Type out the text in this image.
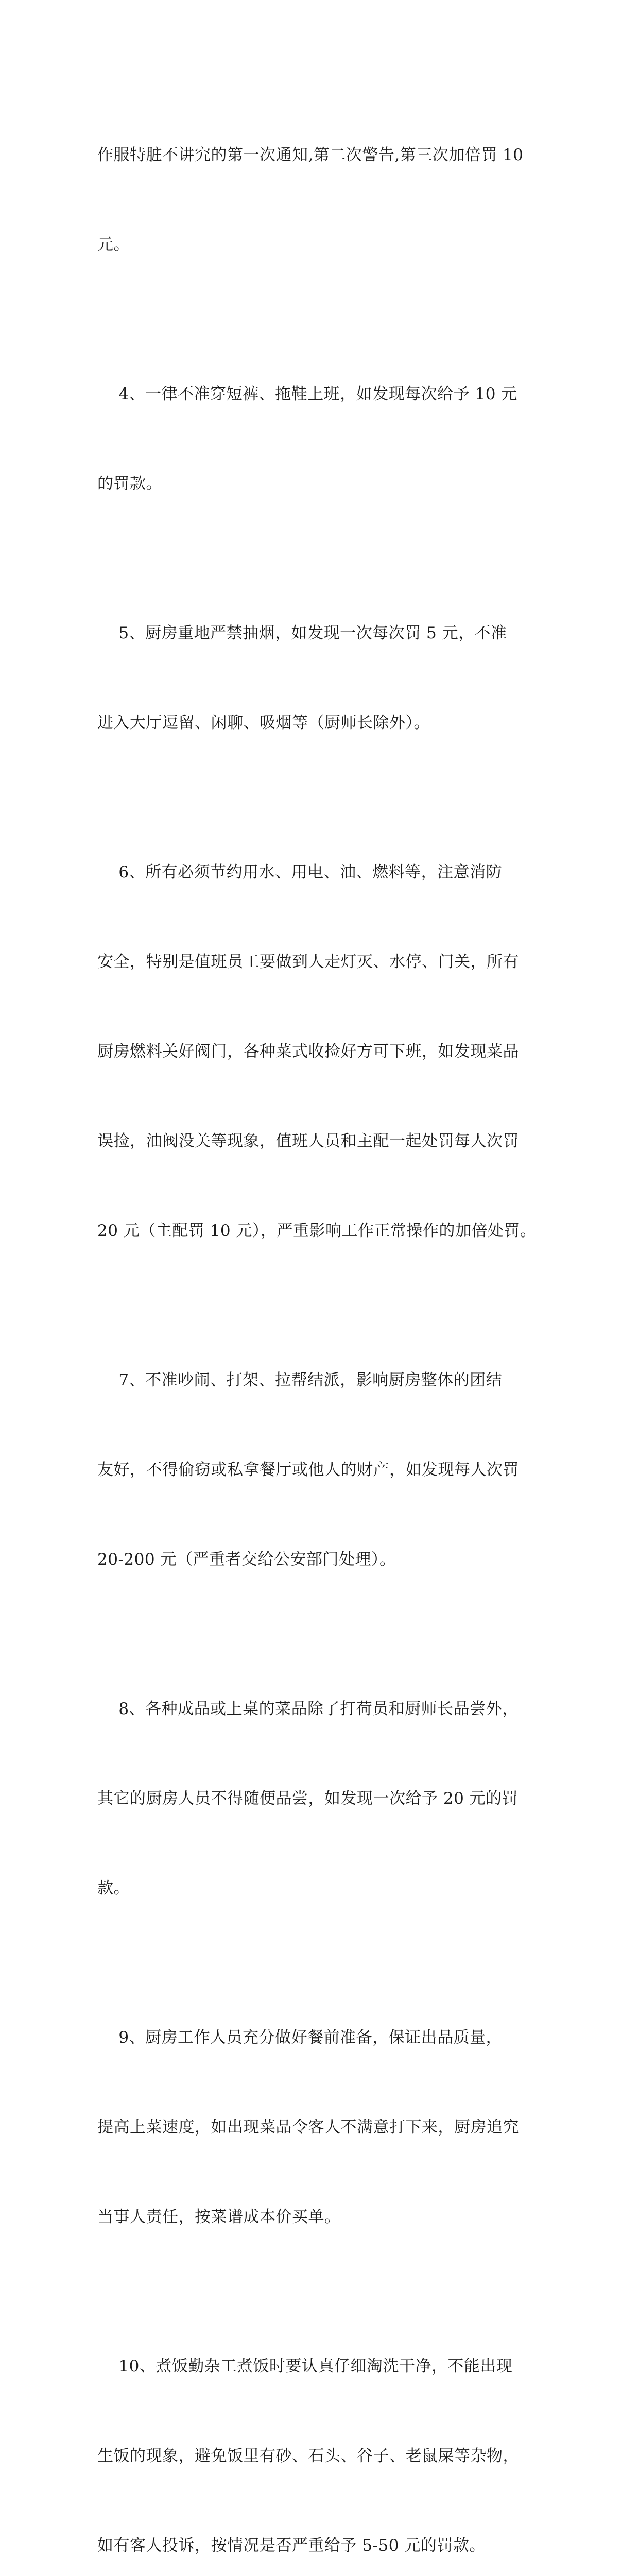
作服特脏不讲究的第一次通知,第二次警告,第三次加倍罚 10

元。

4、一律不准穿短裤、拖鞋上班，如发现每次给予 10 元

的罚款。

5、厨房重地严禁抽烟，如发现一次每次罚 5 元，不准

进入大厅逗留、闲聊、吸烟等（厨师长除外）。

6、所有必须节约用水、用电、油、燃料等，注意消防

安全，特别是值班员工要做到人走灯灭、水停、门关，所有

厨房燃料关好阀门，各种菜式收捡好方可下班，如发现菜品

误捡，油阀没关等现象，值班人员和主配一起处罚每人次罚

20 元（主配罚 10 元），严重影响工作正常操作的加倍处罚。

7、不准吵闹、打架、拉帮结派，影响厨房整体的团结

友好，不得偷窃或私拿餐厅或他人的财产，如发现每人次罚

20-200 元（严重者交给公安部门处理）。

8、各种成品或上桌的菜品除了打荷员和厨师长品尝外，

其它的厨房人员不得随便品尝，如发现一次给予 20 元的罚

款。

9、厨房工作人员充分做好餐前准备，保证出品质量，

提高上菜速度，如出现菜品令客人不满意打下来，厨房追究

当事人责任，按菜谱成本价买单。

10、煮饭勤杂工煮饭时要认真仔细淘洗干净，不能出现

生饭的现象，避免饭里有砂、石头、谷子、老鼠屎等杂物，

如有客人投诉，按情况是否严重给予 5-50 元的罚款。
